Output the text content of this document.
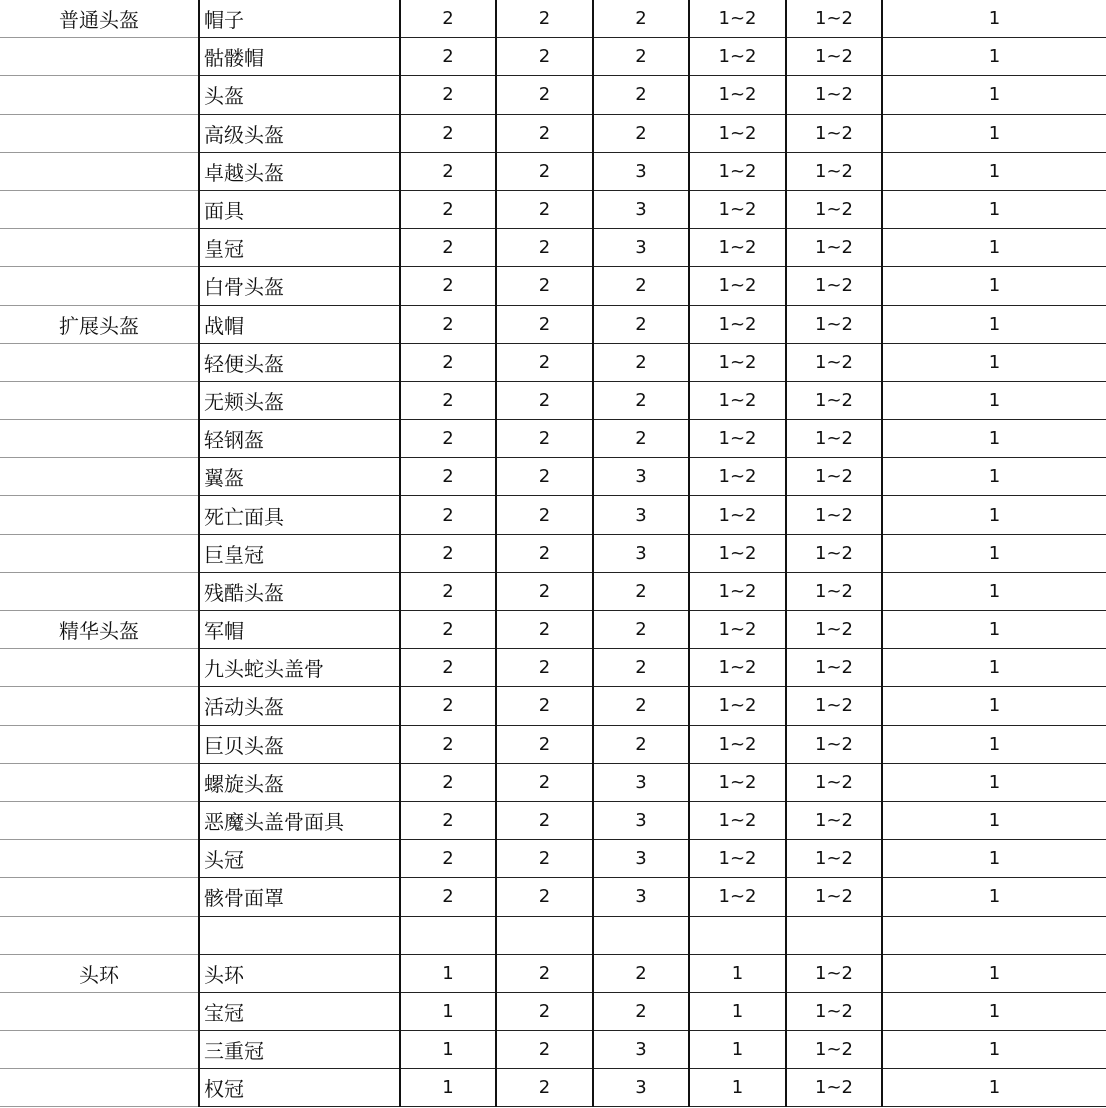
普通头盔	帽子	2	2	2	1~2	1~2	1
	骷髅帽	2	2	2	1~2	1~2	1
	头盔	2	2	2	1~2	1~2	1
	高级头盔	2	2	2	1~2	1~2	1
	卓越头盔	2	2	3	1~2	1~2	1
	面具	2	2	3	1~2	1~2	1
	皇冠	2	2	3	1~2	1~2	1
	白骨头盔	2	2	2	1~2	1~2	1
扩展头盔	战帽	2	2	2	1~2	1~2	1
	轻便头盔	2	2	2	1~2	1~2	1
	无颊头盔	2	2	2	1~2	1~2	1
	轻钢盔	2	2	2	1~2	1~2	1
	翼盔	2	2	3	1~2	1~2	1
	死亡面具	2	2	3	1~2	1~2	1
	巨皇冠	2	2	3	1~2	1~2	1
	残酷头盔	2	2	2	1~2	1~2	1
精华头盔	军帽	2	2	2	1~2	1~2	1
	九头蛇头盖骨	2	2	2	1~2	1~2	1
	活动头盔	2	2	2	1~2	1~2	1
	巨贝头盔	2	2	2	1~2	1~2	1
	螺旋头盔	2	2	3	1~2	1~2	1
	恶魔头盖骨面具	2	2	3	1~2	1~2	1
	头冠	2	2	3	1~2	1~2	1
	骸骨面罩	2	2	3	1~2	1~2	1

头环	头环	1	2	2	1	1~2	1
	宝冠	1	2	2	1	1~2	1
	三重冠	1	2	3	1	1~2	1
	权冠	1	2	3	1	1~2	1
